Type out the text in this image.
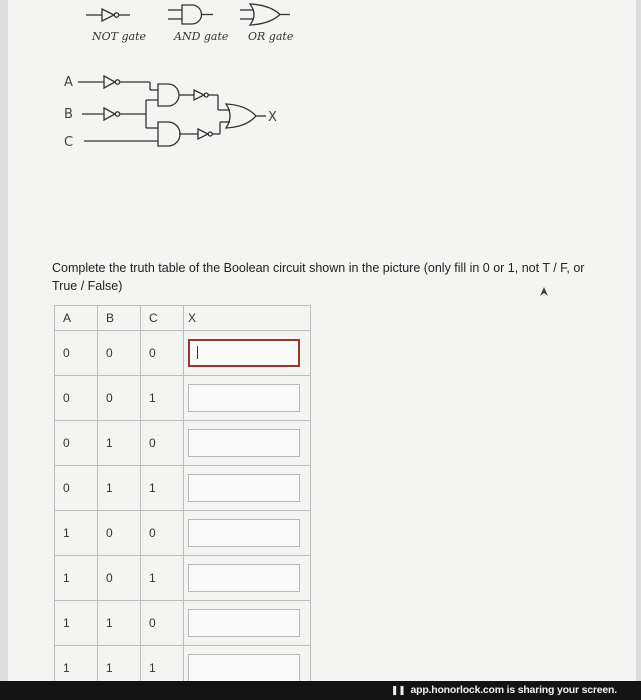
NOT gate	AND gate OR gate
A
B
C
X
Complete the truth table of the Boolean circuit shown in the picture (only fill in 0 or 1, not T / F, or True / False)
A	B	C	X
0	0	0	

0	0	1	

0	1	0	

0	1	1	

1	0	0	

1	0	1	

1	1	0	

1	1	1	
❚❚ app.honorlock.com is sharing your screen.
